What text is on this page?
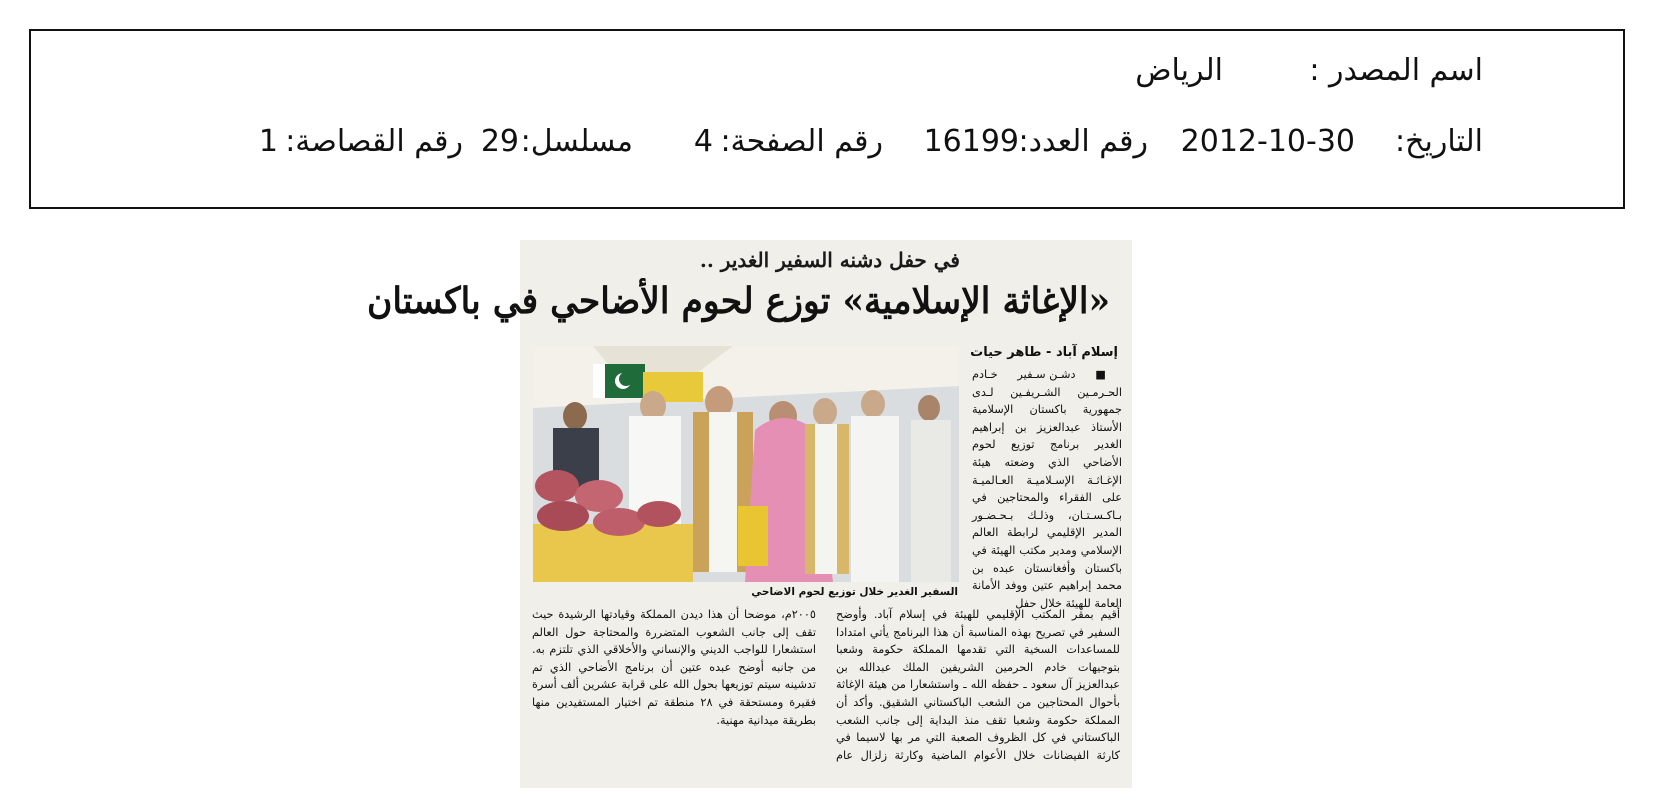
اسم المصدر :
الرياض
التاريخ:
2012-10-30
رقم العدد:
16199
رقم الصفحة:
4
مسلسل:
29
رقم القصاصة:
1
في حفل دشنه السفير الغدير ..
«الإغاثة الإسلامية» توزع لحوم الأضاحي في باكستان
إسلام آباد - طاهر حيات
■ دشـن سـفير خـادم الحـرمـين الشـريفـين لـدى جمهورية باكستان الإسلامية الأستاذ عبدالعزيز بن إبراهيم الغدير برنامج توزيع لحوم الأضاحي الذي وضعته هيئة الإغـاثـة الإسـلاميـة العـالميـة على الفقراء والمحتاجين في بـاكـسـتـان، وذلـك بـحـضـور المدير الإقليمي لرابطة العالم الإسلامي ومدير مكتب الهيئة في باكستان وأفغانستان عبده بن محمد إبراهيم عتين ووفد الأمانة العامة للهيئة خلال حفل
السفير الغدير خلال توزيع لحوم الاضاحي
أقيم بمقر المكتب الإقليمي للهيئة في إسلام آباد. وأوضح السفير في تصريح بهذه المناسبة أن هذا البرنامج يأتي امتدادا للمساعدات السخية التي تقدمها المملكة حكومة وشعبا بتوجيهات خادم الحرمين الشريفين الملك عبدالله بن عبدالعزيز آل سعود ـ حفظه الله ـ واستشعارا من هيئة الإغاثة بأحوال المحتاجين من الشعب الباكستاني الشقيق. وأكد أن المملكة حكومة وشعبا تقف منذ البداية إلى جانب الشعب الباكستاني في كل الظروف الصعبة التي مر بها لاسيما في كارثة الفيضانات خلال الأعوام الماضية وكارثة زلزال عام ٢٠٠٥م، موضحا أن هذا ديدن المملكة وقيادتها الرشيدة حيث تقف إلى جانب الشعوب المتضررة والمحتاجة حول العالم استشعارا للواجب الديني والإنساني والأخلاقي الذي تلتزم به. من جانبه أوضح عبده عتين أن برنامج الأضاحي الذي تم تدشينه سيتم توزيعها بحول الله على قرابة عشرين ألف أسرة فقيرة ومستحقة في ٢٨ منطقة تم اختيار المستفيدين منها بطريقة ميدانية مهنية.
